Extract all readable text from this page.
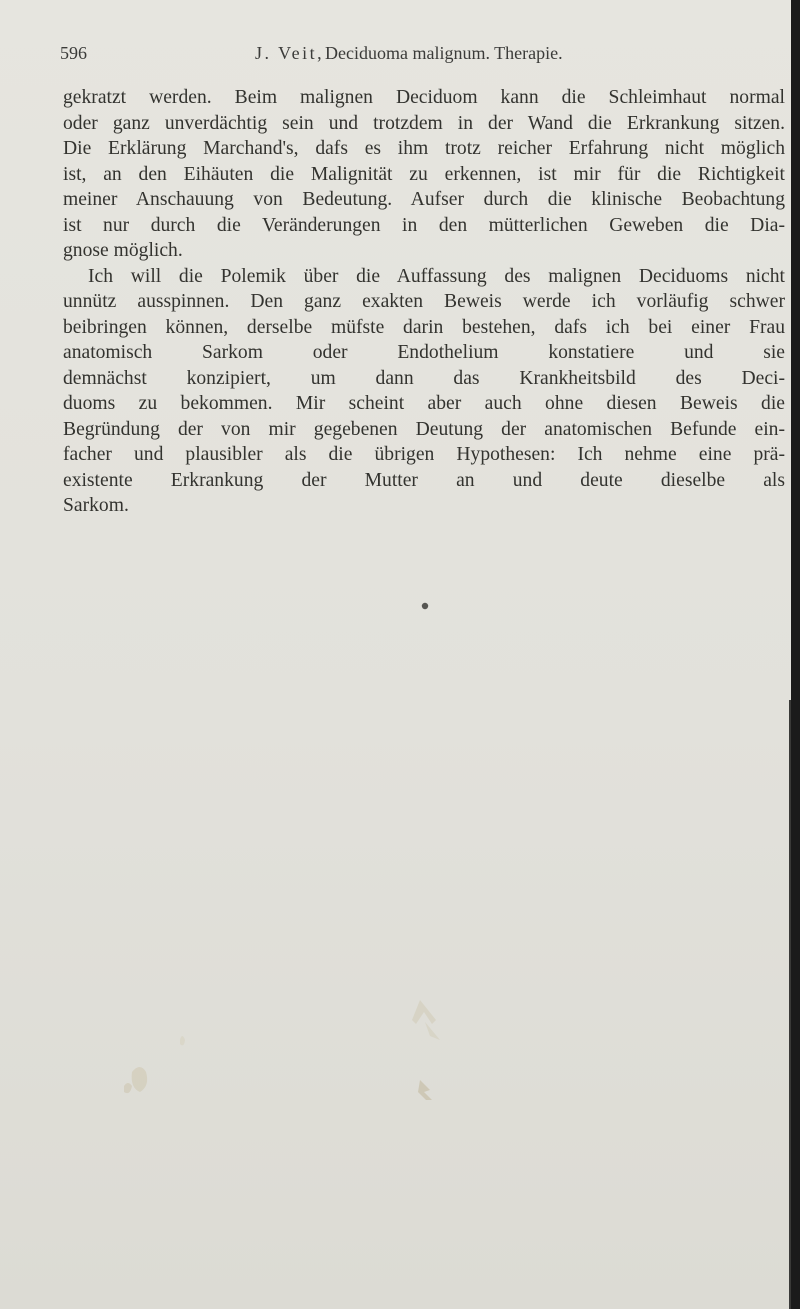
596	J. Veit, Deciduoma malignum. Therapie.
gekratzt werden. Beim malignen Deciduom kann die Schleimhaut normal
oder ganz unverdächtig sein und trotzdem in der Wand die Erkrankung sitzen.
Die Erklärung Marchand's, dafs es ihm trotz reicher Erfahrung nicht möglich
ist, an den Eihäuten die Malignität zu erkennen, ist mir für die Richtigkeit
meiner Anschauung von Bedeutung. Aufser durch die klinische Beobachtung
ist nur durch die Veränderungen in den mütterlichen Geweben die Dia-
gnose möglich.
Ich will die Polemik über die Auffassung des malignen Deciduoms nicht
unnütz ausspinnen. Den ganz exakten Beweis werde ich vorläufig schwer
beibringen können, derselbe müfste darin bestehen, dafs ich bei einer Frau
anatomisch Sarkom oder Endothelium konstatiere und sie
demnächst konzipiert, um dann das Krankheitsbild des Deci-
duoms zu bekommen. Mir scheint aber auch ohne diesen Beweis die
Begründung der von mir gegebenen Deutung der anatomischen Befunde ein-
facher und plausibler als die übrigen Hypothesen: Ich nehme eine prä-
existente Erkrankung der Mutter an und deute dieselbe als
Sarkom.
